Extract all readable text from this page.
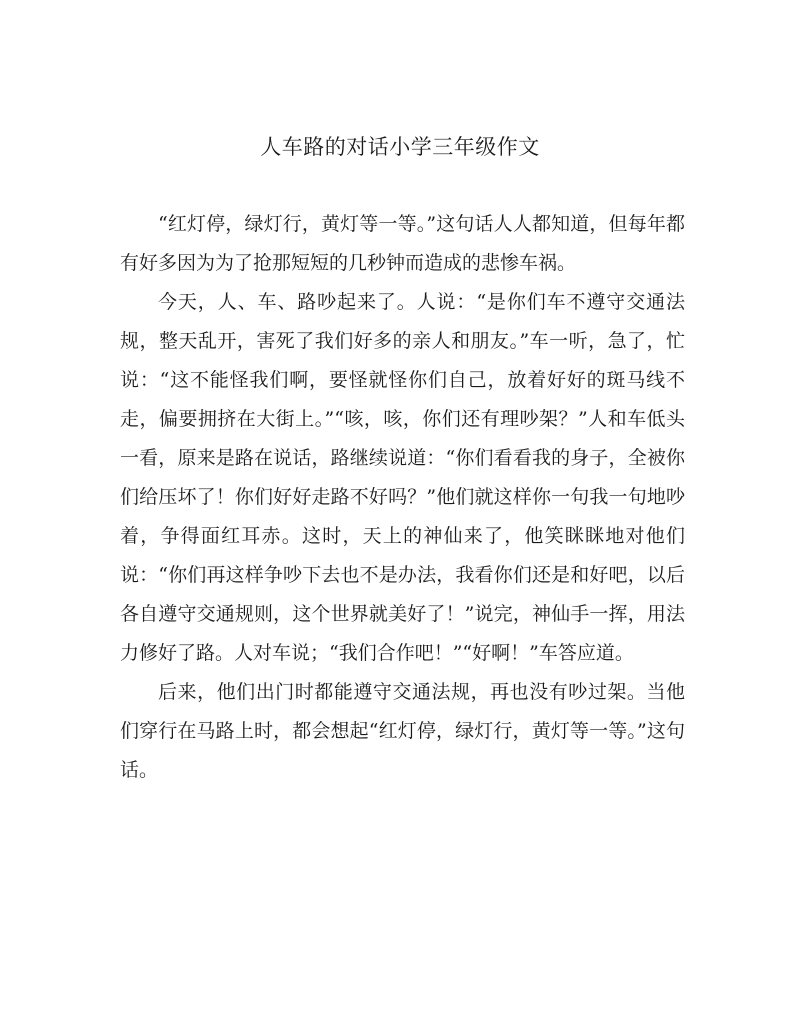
人车路的对话小学三年级作文

“红灯停，绿灯行，黄灯等一等。”这句话人人都知道，但每年都有好多因为为了抢那短短的几秒钟而造成的悲惨车祸。

今天，人、车、路吵起来了。人说：“是你们车不遵守交通法规，整天乱开，害死了我们好多的亲人和朋友。”车一听，急了，忙说：“这不能怪我们啊，要怪就怪你们自己，放着好好的斑马线不走，偏要拥挤在大街上。”“咳，咳，你们还有理吵架？”人和车低头一看，原来是路在说话，路继续说道：“你们看看我的身子，全被你们给压坏了！你们好好走路不好吗？”他们就这样你一句我一句地吵着，争得面红耳赤。这时，天上的神仙来了，他笑眯眯地对他们说：“你们再这样争吵下去也不是办法，我看你们还是和好吧，以后各自遵守交通规则，这个世界就美好了！”说完，神仙手一挥，用法力修好了路。人对车说；“我们合作吧！”“好啊！”车答应道。

后来，他们出门时都能遵守交通法规，再也没有吵过架。当他们穿行在马路上时，都会想起“红灯停，绿灯行，黄灯等一等。”这句话。
